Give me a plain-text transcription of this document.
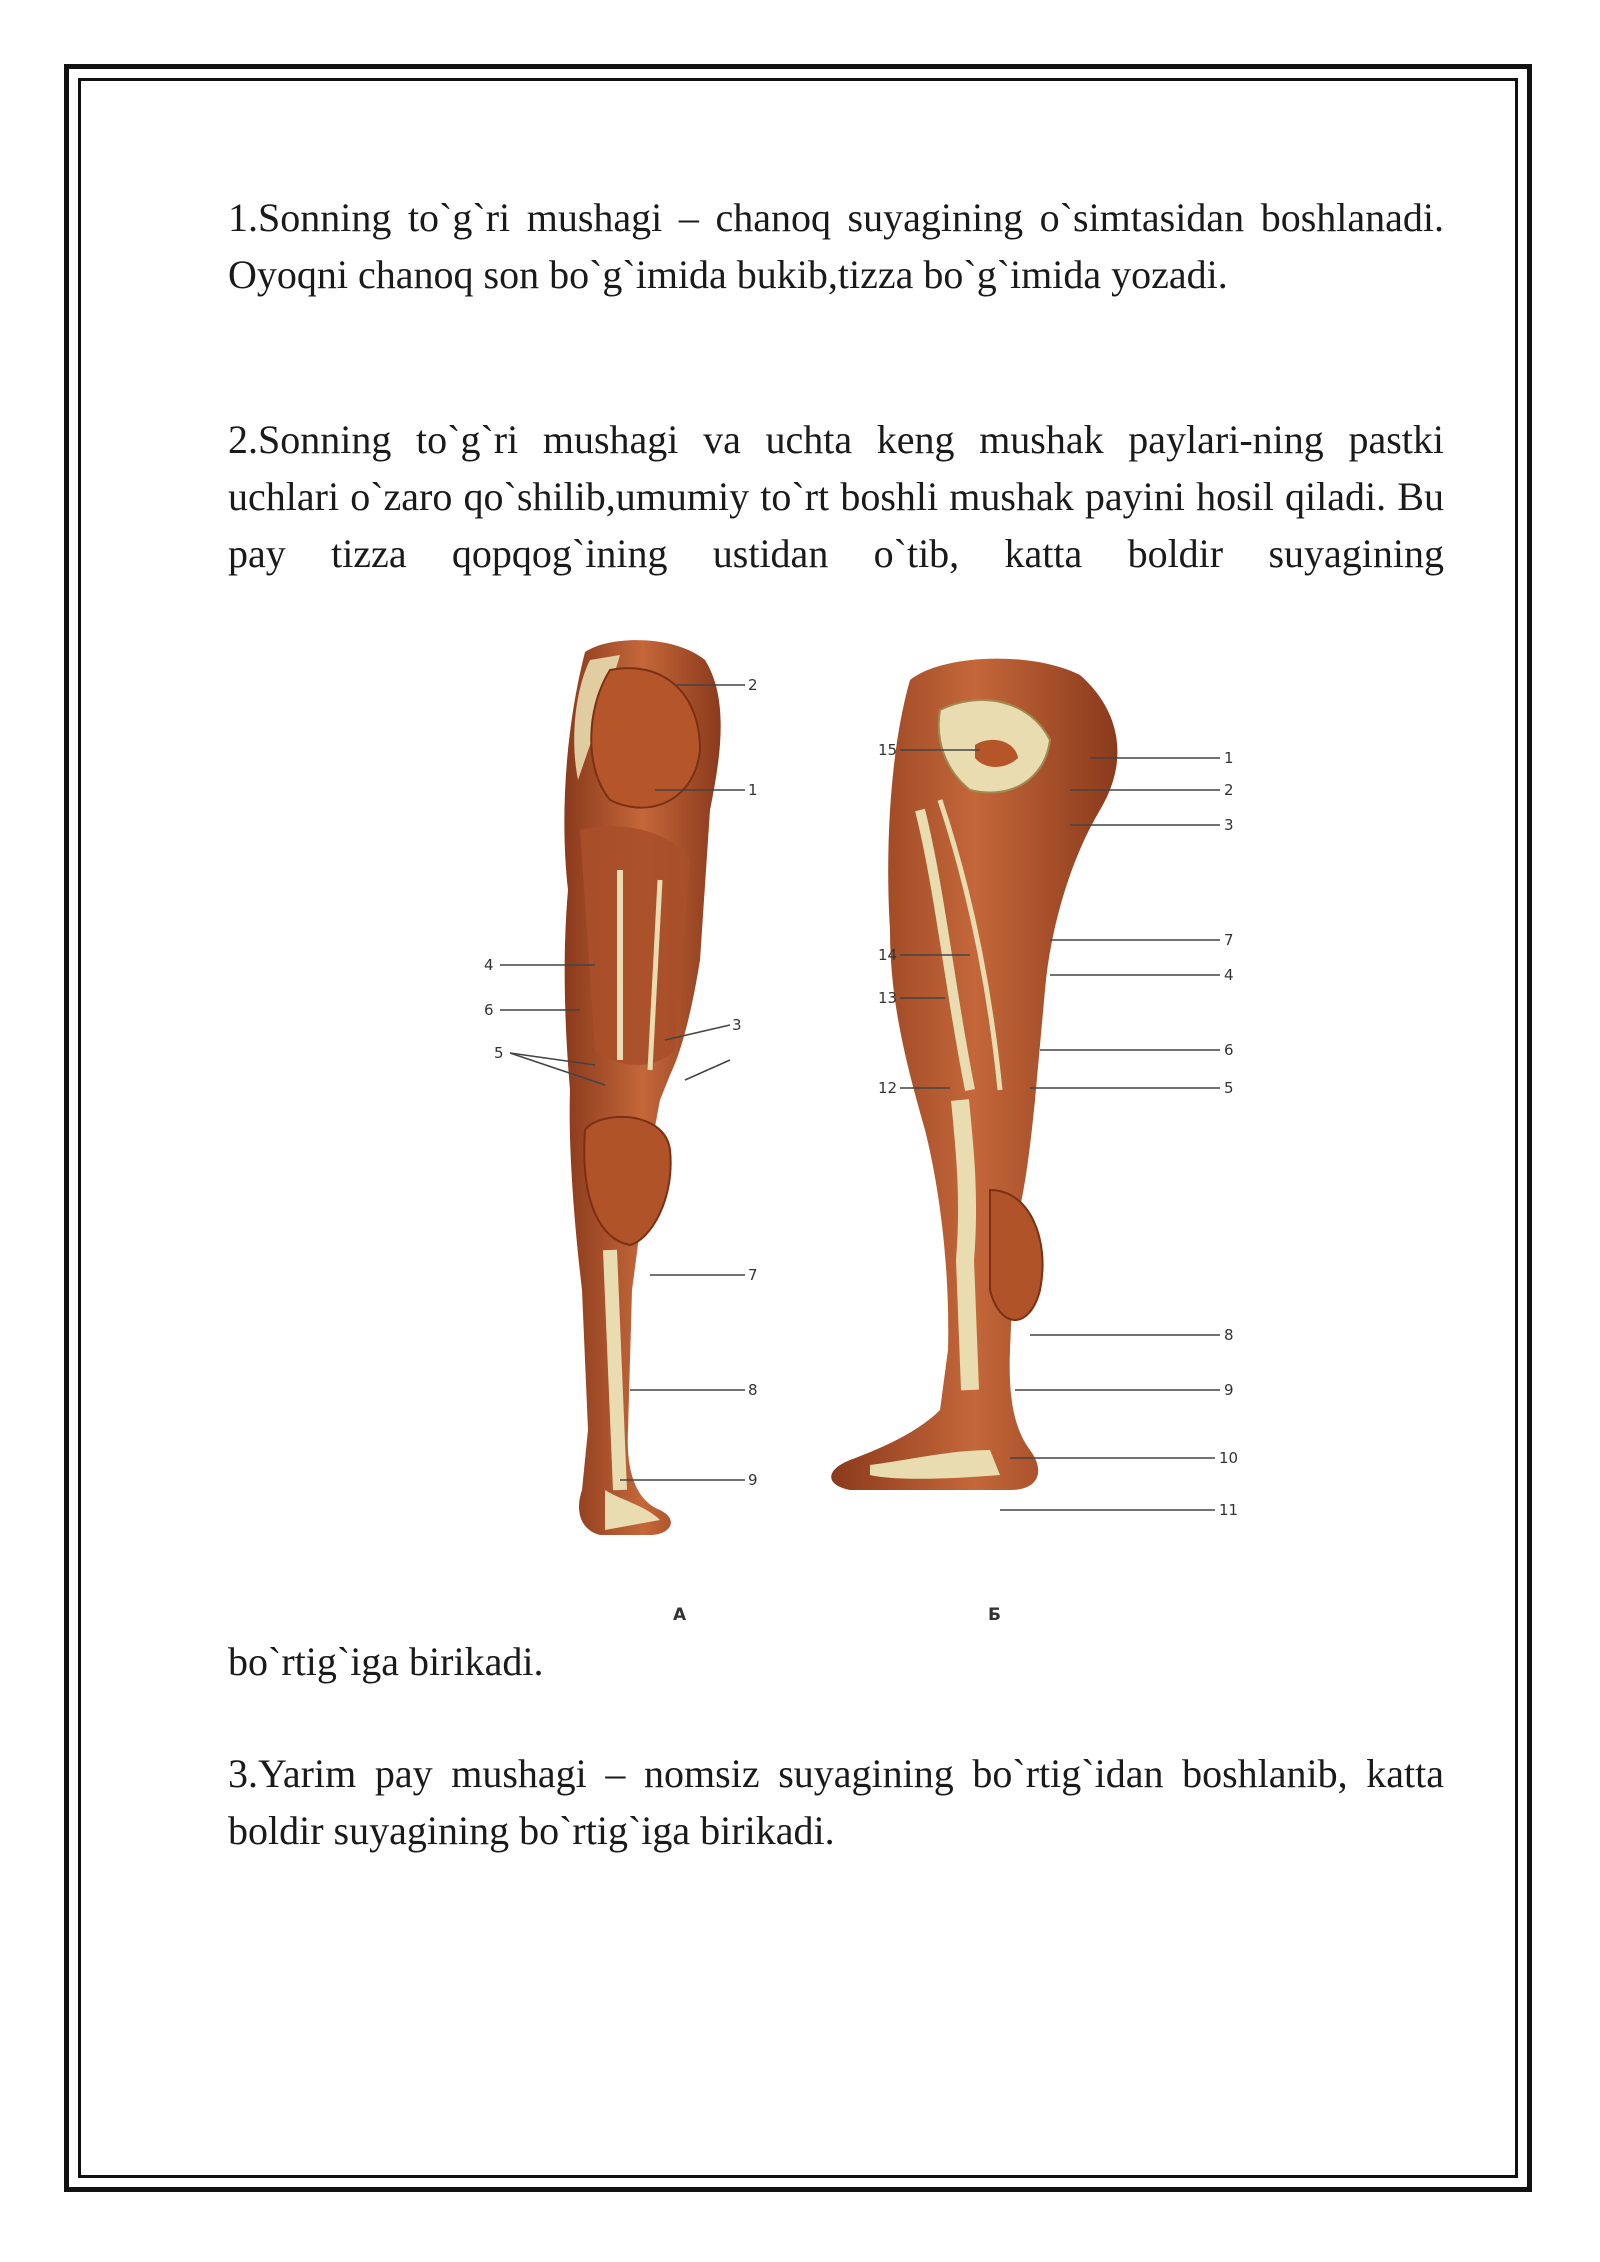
1.Sonning to`g`ri mushagi – chanoq suyagining o`simtasidan boshlanadi. Oyoqni chanoq son bo`g`imida bukib,tizza bo`g`imida yozadi.

2.Sonning to`g`ri mushagi va uchta keng mushak paylari-ning pastki uchlari o`zaro qo`shilib,umumiy to`rt boshli mushak payini hosil qiladi. Bu pay tizza qopqog`ining ustidan o`tib, katta boldir suyagining

2
1
4
6
3
5
7
8
9
A
15	1
2
3
14
7
4
13
6
12	5
8
9
10
11
Б

bo`rtig`iga birikadi.

3.Yarim pay mushagi – nomsiz suyagining bo`rtig`idan boshlanib, katta boldir suyagining bo`rtig`iga birikadi.
